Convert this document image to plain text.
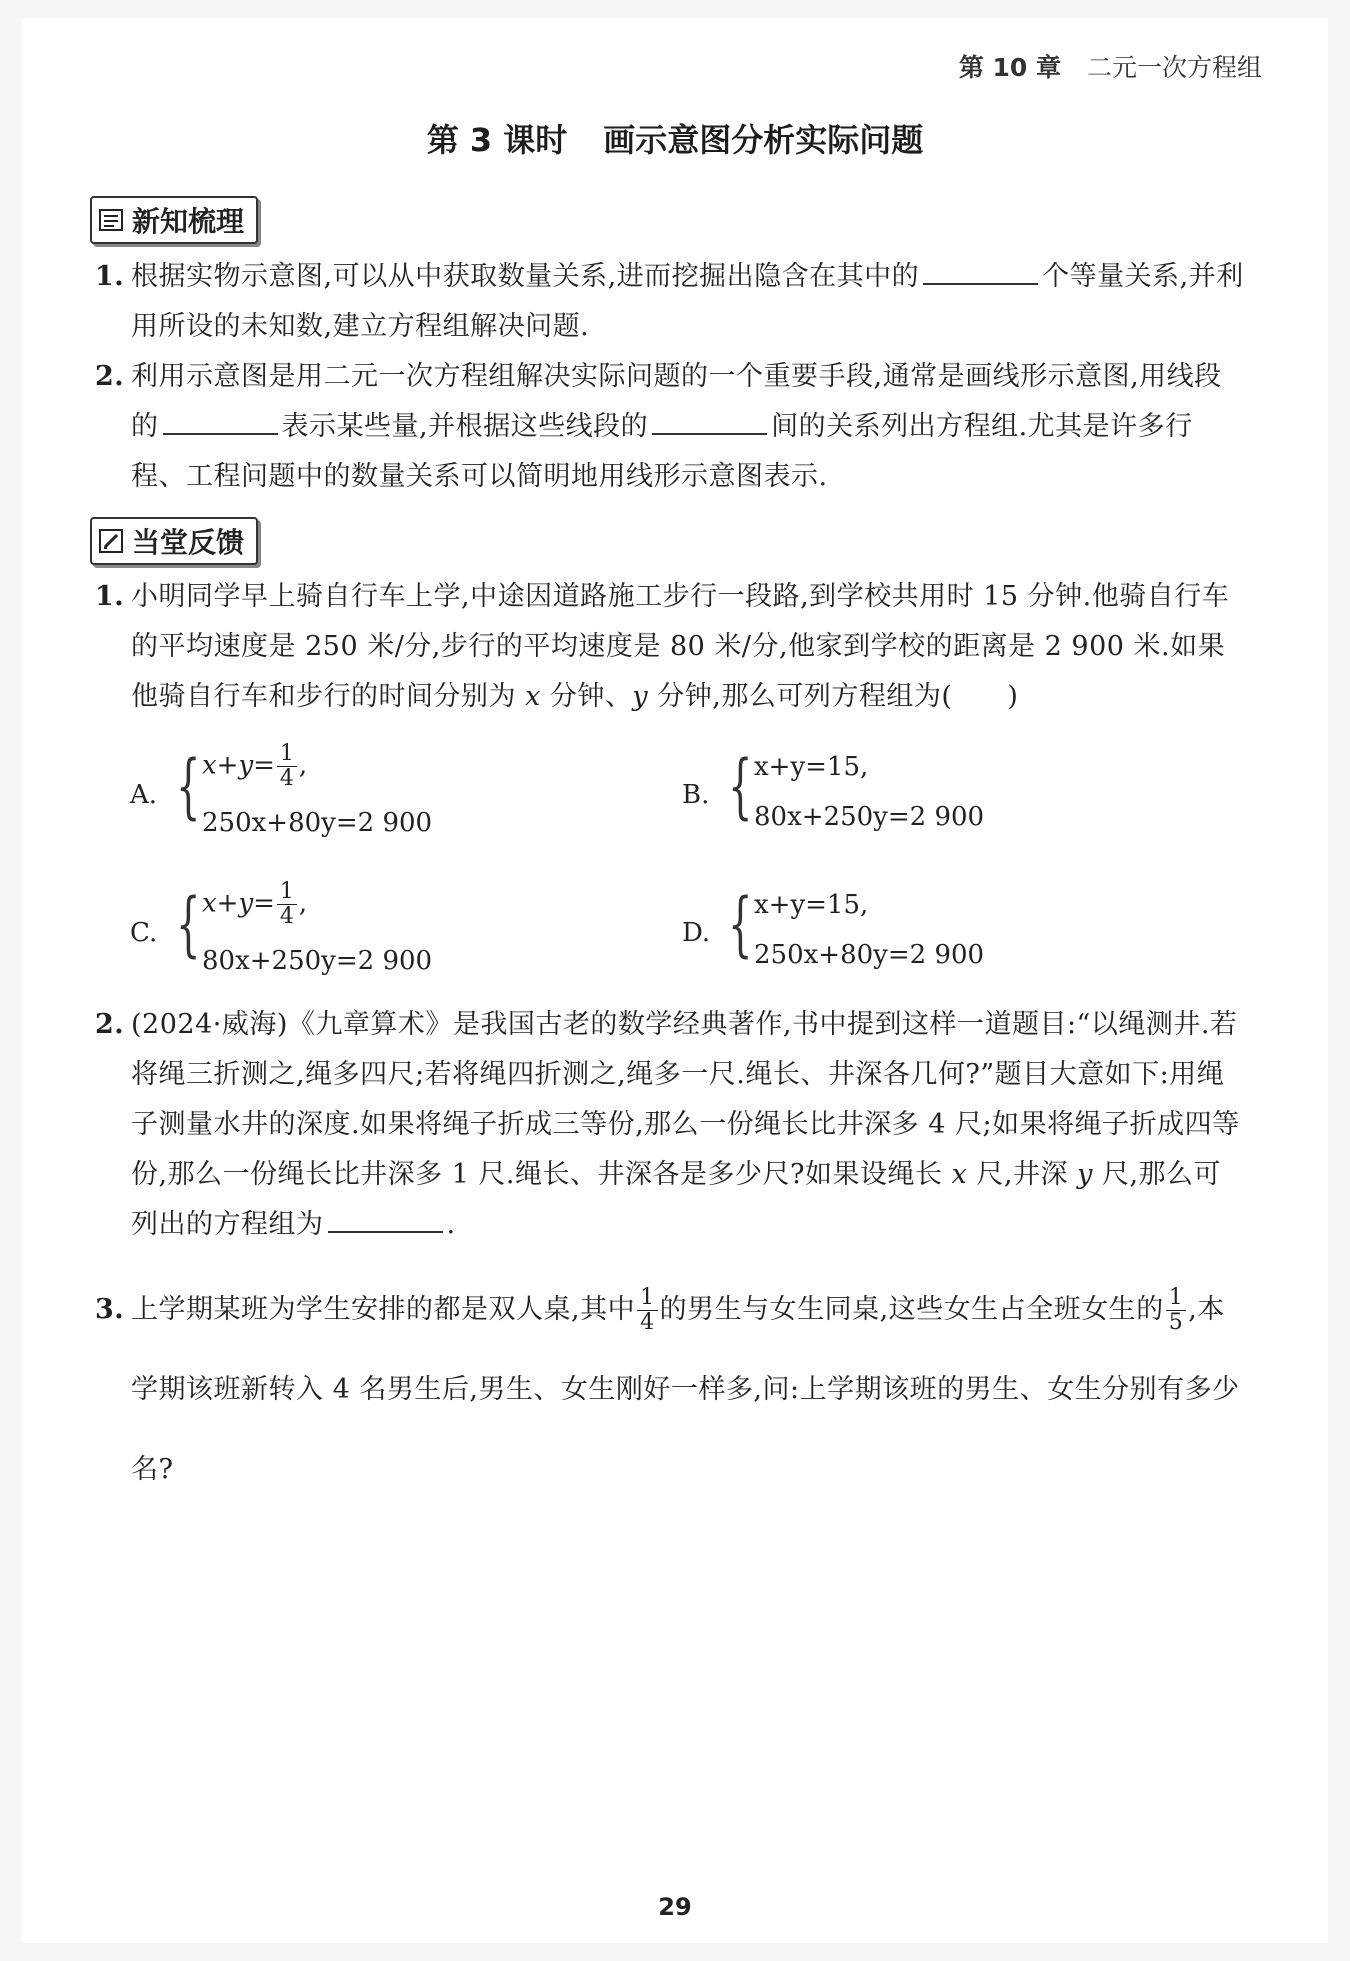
第 10 章 二元一次方程组
第 3 课时 画示意图分析实际问题
新知梳理
1. 根据实物示意图,可以从中获取数量关系,进而挖掘出隐含在其中的	个等量关系,并利用所设的未知数,建立方程组解决问题.
2. 利用示意图是用二元一次方程组解决实际问题的一个重要手段,通常是画线形示意图,用线段的	表示某些量,并根据这些线段的	间的关系列出方程组.尤其是许多行程、工程问题中的数量关系可以简明地用线形示意图表示.
当堂反馈
1. 小明同学早上骑自行车上学,中途因道路施工步行一段路,到学校共用时 15 分钟.他骑自行车的平均速度是 250 米/分,步行的平均速度是 80 米/分,他家到学校的距离是 2 900 米.如果他骑自行车和步行的时间分别为 x 分钟、y 分钟,那么可列方程组为(　　)
A. { $x+y= \frac{1}{4}$ ,
250x+80y=2 900
B. { x+y=15,
80x+250y=2 900
C. { $x+y= \frac{1}{4}$ ,
80x+250y=2 900
D. { x+y=15,
250x+80y=2 900
2. (2024·威海)《九章算术》是我国古老的数学经典著作,书中提到这样一道题目:“以绳测井.若将绳三折测之,绳多四尺;若将绳四折测之,绳多一尺.绳长、井深各几何?”题目大意如下:用绳子测量水井的深度.如果将绳子折成三等份,那么一份绳长比井深多 4 尺;如果将绳子折成四等份,那么一份绳长比井深多 1 尺.绳长、井深各是多少尺?如果设绳长 x 尺,井深 y 尺,那么可列出的方程组为	.
3. 上学期某班为学生安排的都是双人桌,其中 $\frac{1}{4}$ 的男生与女生同桌,这些女生占全班女生的 $\frac{1}{5}$ ,本学期该班新转入 4 名男生后,男生、女生刚好一样多,问:上学期该班的男生、女生分别有多少名?
29
